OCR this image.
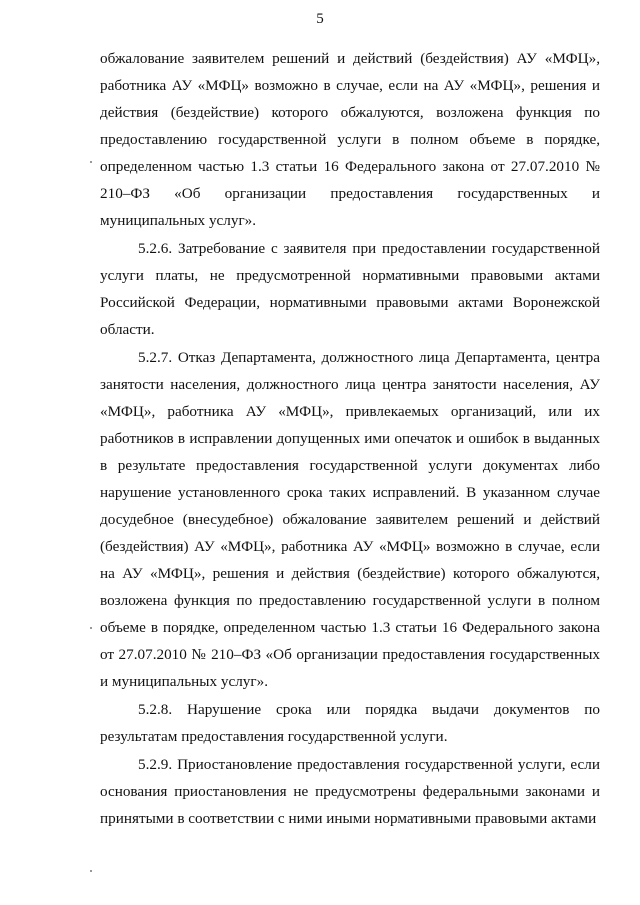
5

обжалование заявителем решений и действий (бездействия) АУ «МФЦ», работника АУ «МФЦ» возможно в случае, если на АУ «МФЦ», решения и действия (бездействие) которого обжалуются, возложена функция по предоставлению государственной услуги в полном объеме в порядке, определенном частью 1.3 статьи 16 Федерального закона от 27.07.2010 № 210–ФЗ «Об организации предоставления государственных и муниципальных услуг».

5.2.6. Затребование с заявителя при предоставлении государственной услуги платы, не предусмотренной нормативными правовыми актами Российской Федерации, нормативными правовыми актами Воронежской области.

5.2.7. Отказ Департамента, должностного лица Департамента, центра занятости населения, должностного лица центра занятости населения, АУ «МФЦ», работника АУ «МФЦ», привлекаемых организаций, или их работников в исправлении допущенных ими опечаток и ошибок в выданных в результате предоставления государственной услуги документах либо нарушение установленного срока таких исправлений. В указанном случае досудебное (внесудебное) обжалование заявителем решений и действий (бездействия) АУ «МФЦ», работника АУ «МФЦ» возможно в случае, если на АУ «МФЦ», решения и действия (бездействие) которого обжалуются, возложена функция по предоставлению государственной услуги в полном объеме в порядке, определенном частью 1.3 статьи 16 Федерального закона от 27.07.2010 № 210–ФЗ «Об организации предоставления государственных и муниципальных услуг».

5.2.8. Нарушение срока или порядка выдачи документов по результатам предоставления государственной услуги.

5.2.9. Приостановление предоставления государственной услуги, если основания приостановления не предусмотрены федеральными законами и принятыми в соответствии с ними иными нормативными правовыми актами
